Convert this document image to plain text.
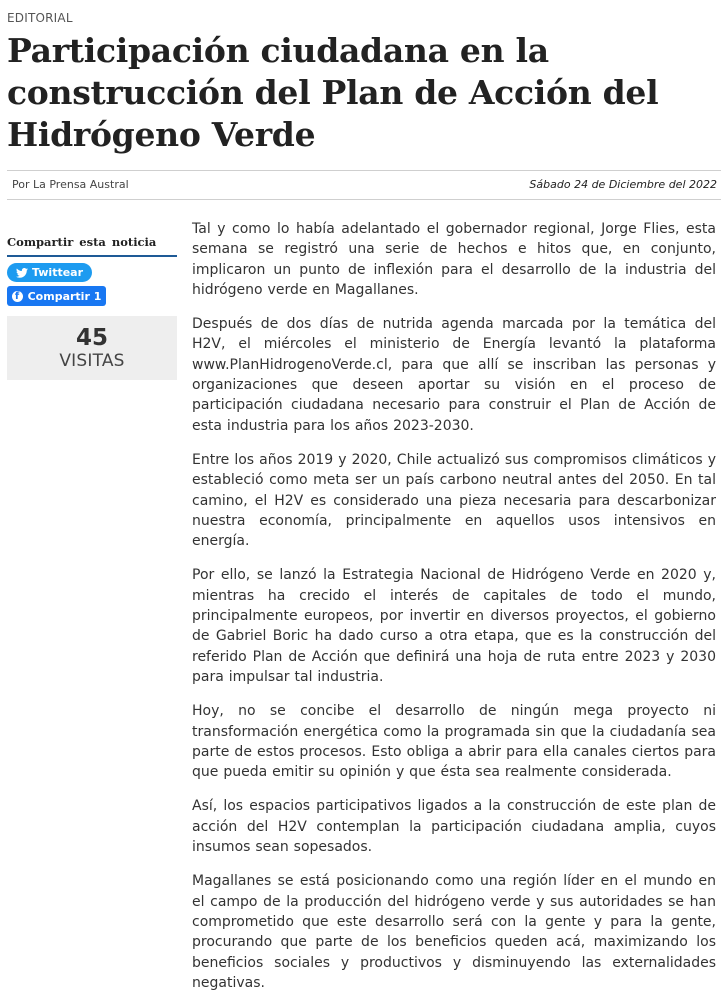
EDITORIAL
Participación ciudadana en la construcción del Plan de Acción del Hidrógeno Verde
Por La Prensa Austral	Sábado 24 de Diciembre del 2022
Compartir esta noticia
Twittear
f Compartir 1
45
VISITAS

Tal y como lo había adelantado el gobernador regional, Jorge Flies, esta semana se registró una serie de hechos e hitos que, en conjunto, implicaron un punto de inflexión para el desarrollo de la industria del hidrógeno verde en Magallanes.

Después de dos días de nutrida agenda marcada por la temática del H2V, el miércoles el ministerio de Energía levantó la plataforma www.PlanHidrogenoVerde.cl, para que allí se inscriban las personas y organizaciones que deseen aportar su visión en el proceso de participación ciudadana necesario para construir el Plan de Acción de esta industria para los años 2023-2030.

Entre los años 2019 y 2020, Chile actualizó sus compromisos climáticos y estableció como meta ser un país carbono neutral antes del 2050. En tal camino, el H2V es considerado una pieza necesaria para descarbonizar nuestra economía, principalmente en aquellos usos intensivos en energía.

Por ello, se lanzó la Estrategia Nacional de Hidrógeno Verde en 2020 y, mientras ha crecido el interés de capitales de todo el mundo, principalmente europeos, por invertir en diversos proyectos, el gobierno de Gabriel Boric ha dado curso a otra etapa, que es la construcción del referido Plan de Acción que definirá una hoja de ruta entre 2023 y 2030 para impulsar tal industria.

Hoy, no se concibe el desarrollo de ningún mega proyecto ni transformación energética como la programada sin que la ciudadanía sea parte de estos procesos. Esto obliga a abrir para ella canales ciertos para que pueda emitir su opinión y que ésta sea realmente considerada.

Así, los espacios participativos ligados a la construcción de este plan de acción del H2V contemplan la participación ciudadana amplia, cuyos insumos sean sopesados.

Magallanes se está posicionando como una región líder en el mundo en el campo de la producción del hidrógeno verde y sus autoridades se han comprometido que este desarrollo será con la gente y para la gente, procurando que parte de los beneficios queden acá, maximizando los beneficios sociales y productivos y disminuyendo las externalidades negativas.
